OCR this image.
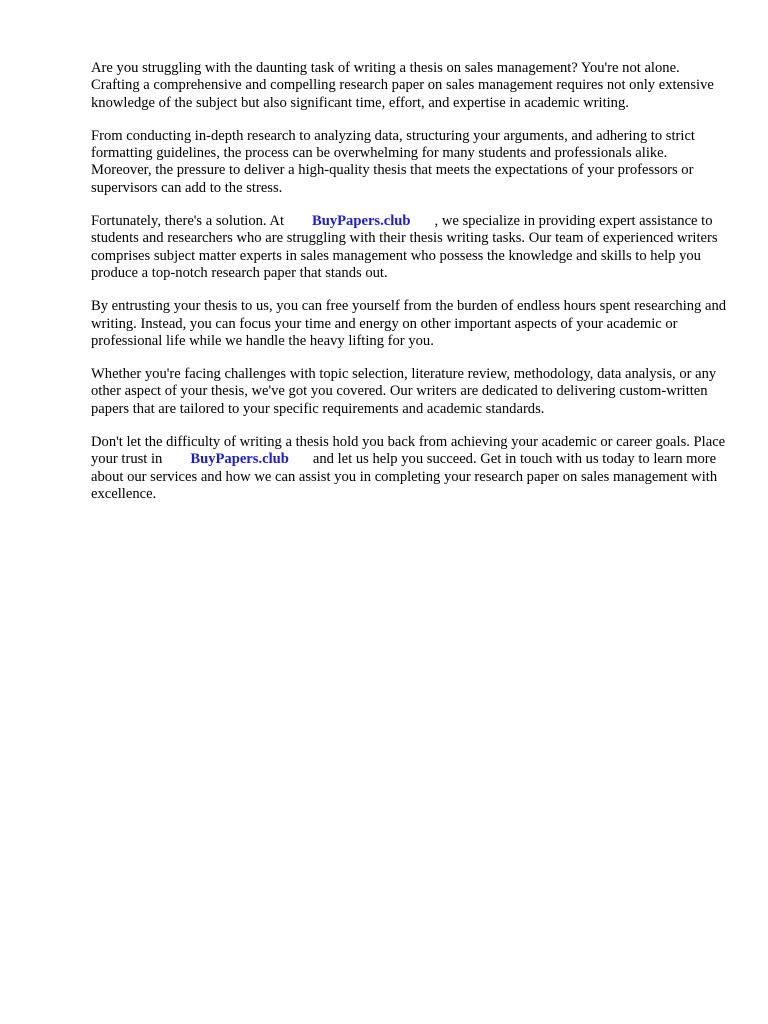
Are you struggling with the daunting task of writing a thesis on sales management? You're not alone. Crafting a comprehensive and compelling research paper on sales management requires not only extensive knowledge of the subject but also significant time, effort, and expertise in academic writing.

From conducting in-depth research to analyzing data, structuring your arguments, and adhering to strict formatting guidelines, the process can be overwhelming for many students and professionals alike. Moreover, the pressure to deliver a high-quality thesis that meets the expectations of your professors or supervisors can add to the stress.

Fortunately, there's a solution. At BuyPapers.club , we specialize in providing expert assistance to students and researchers who are struggling with their thesis writing tasks. Our team of experienced writers comprises subject matter experts in sales management who possess the knowledge and skills to help you produce a top-notch research paper that stands out.

By entrusting your thesis to us, you can free yourself from the burden of endless hours spent researching and writing. Instead, you can focus your time and energy on other important aspects of your academic or professional life while we handle the heavy lifting for you.

Whether you're facing challenges with topic selection, literature review, methodology, data analysis, or any other aspect of your thesis, we've got you covered. Our writers are dedicated to delivering custom-written papers that are tailored to your specific requirements and academic standards.

Don't let the difficulty of writing a thesis hold you back from achieving your academic or career goals. Place your trust in BuyPapers.club and let us help you succeed. Get in touch with us today to learn more about our services and how we can assist you in completing your research paper on sales management with excellence.
